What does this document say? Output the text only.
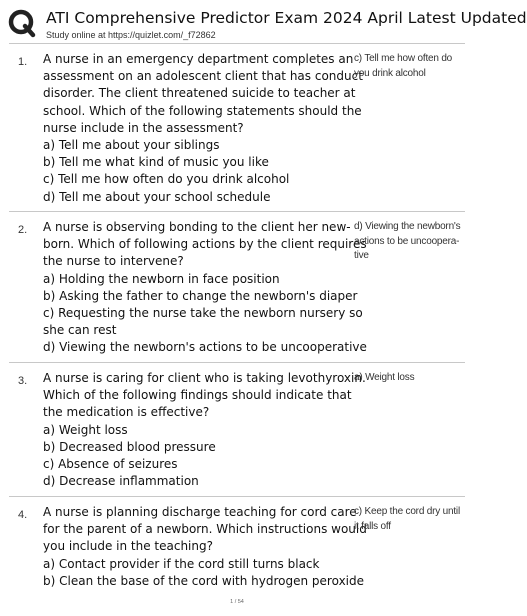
ATI Comprehensive Predictor Exam 2024 April Latest Updated
Study online at https://quizlet.com/_f72862
1. A nurse in an emergency department completes an
assessment on an adolescent client that has conduct
disorder. The client threatened suicide to teacher at
school. Which of the following statements should the
nurse include in the assessment?
a) Tell me about your siblings
b) Tell me what kind of music you like
c) Tell me how often do you drink alcohol
d) Tell me about your school schedule
c) Tell me how often do
you drink alcohol
2. A nurse is observing bonding to the client her new-
born. Which of following actions by the client requires
the nurse to intervene?
a) Holding the newborn in face position
b) Asking the father to change the newborn's diaper
c) Requesting the nurse take the newborn nursery so
she can rest
d) Viewing the newborn's actions to be uncooperative
d) Viewing the newborn's
actions to be uncoopera-
tive
3. A nurse is caring for client who is taking levothyroxin.
Which of the following findings should indicate that
the medication is effective?
a) Weight loss
b) Decreased blood pressure
c) Absence of seizures
d) Decrease inflammation
a) Weight loss
4. A nurse is planning discharge teaching for cord care
for the parent of a newborn. Which instructions would
you include in the teaching?
a) Contact provider if the cord still turns black
b) Clean the base of the cord with hydrogen peroxide
c) Keep the cord dry until
it falls off
1 / 54
